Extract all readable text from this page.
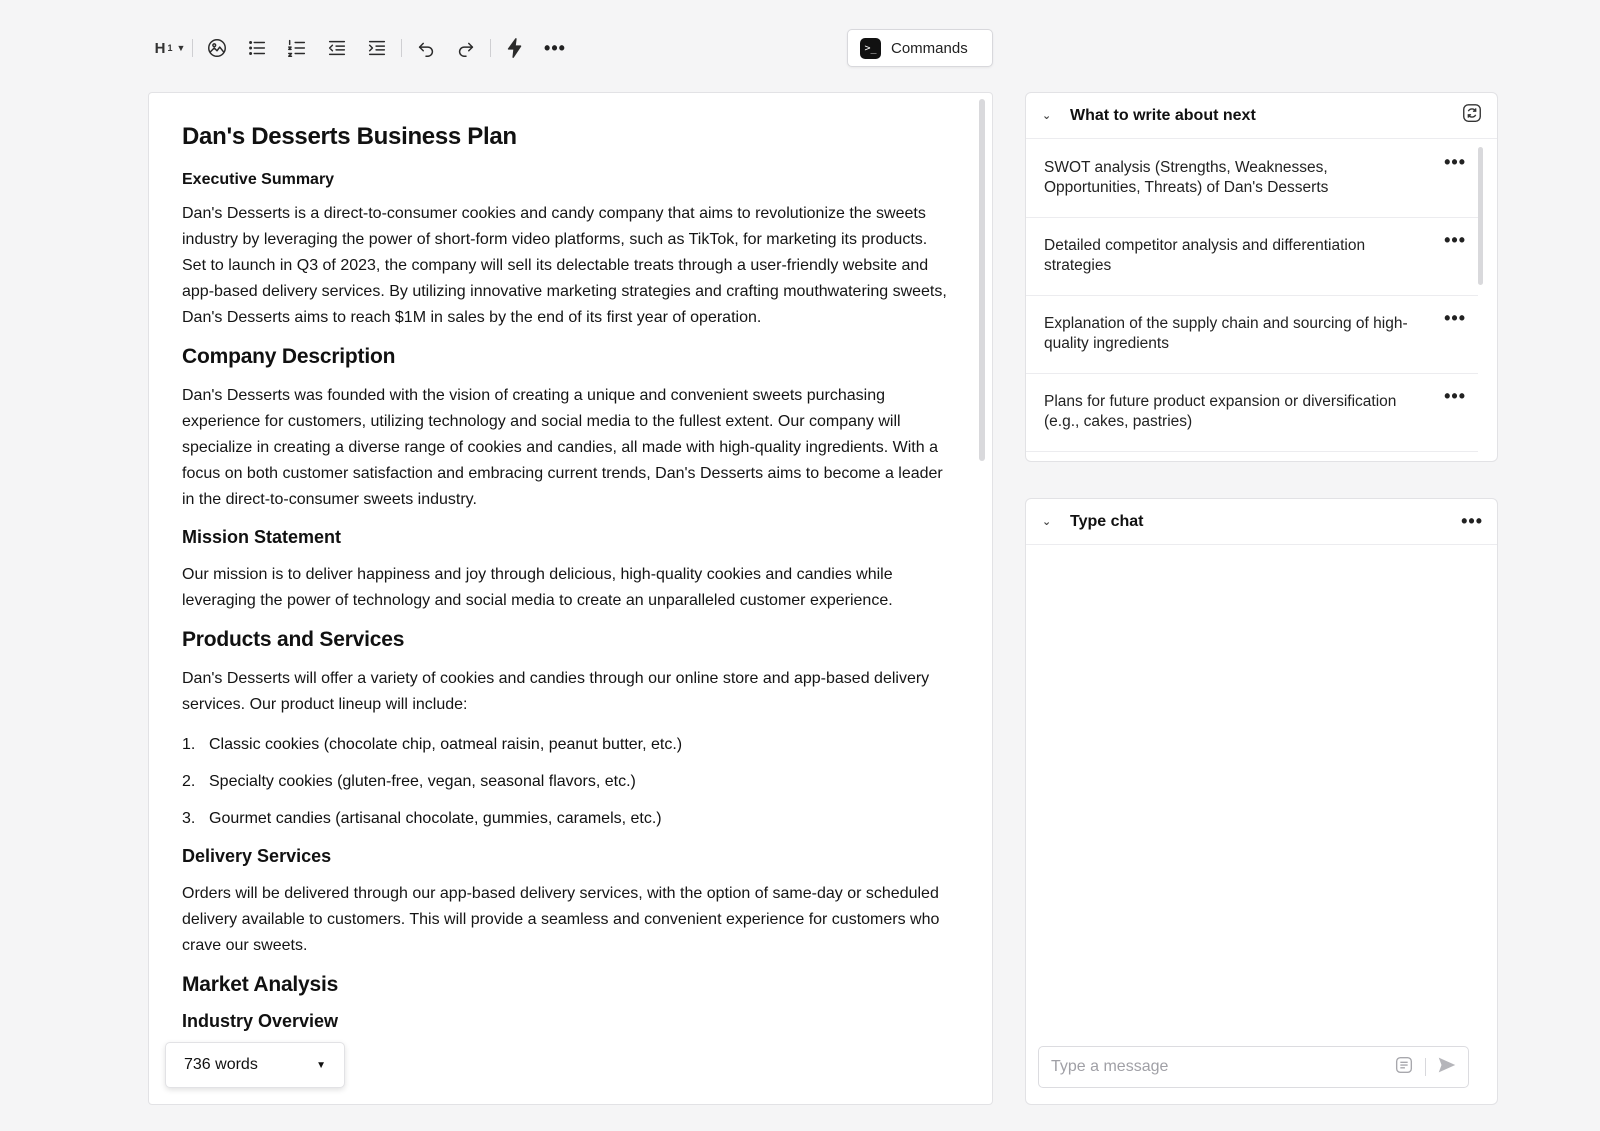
H 1 ▼	•••	>_ Commands
Dan's Desserts Business Plan
Executive Summary

Dan's Desserts is a direct-to-consumer cookies and candy company that aims to revolutionize the sweets industry by leveraging the power of short-form video platforms, such as TikTok, for marketing its products. Set to launch in Q3 of 2023, the company will sell its delectable treats through a user-friendly website and app-based delivery services. By utilizing innovative marketing strategies and crafting mouthwatering sweets, Dan's Desserts aims to reach $1M in sales by the end of its first year of operation.

Company Description

Dan's Desserts was founded with the vision of creating a unique and convenient sweets purchasing experience for customers, utilizing technology and social media to the fullest extent. Our company will specialize in creating a diverse range of cookies and candies, all made with high-quality ingredients. With a focus on both customer satisfaction and embracing current trends, Dan's Desserts aims to become a leader in the direct-to-consumer sweets industry.

Mission Statement

Our mission is to deliver happiness and joy through delicious, high-quality cookies and candies while leveraging the power of technology and social media to create an unparalleled customer experience.

Products and Services

Dan's Desserts will offer a variety of cookies and candies through our online store and app-based delivery services. Our product lineup will include:

1. Classic cookies (chocolate chip, oatmeal raisin, peanut butter, etc.)
2. Specialty cookies (gluten-free, vegan, seasonal flavors, etc.)
3. Gourmet candies (artisanal chocolate, gummies, caramels, etc.)
Delivery Services

Orders will be delivered through our app-based delivery services, with the option of same-day or scheduled delivery available to customers. This will provide a seamless and convenient experience for customers who crave our sweets.

Market Analysis
Industry Overview
736 words	▼
⌄ What to write about next
SWOT analysis (Strengths, Weaknesses, Opportunities, Threats) of Dan's Desserts
•••
Detailed competitor analysis and differentiation strategies
•••
Explanation of the supply chain and sourcing of high-quality ingredients
•••
Plans for future product expansion or diversification (e.g., cakes, pastries)
•••
⌄ Type chat	•••
Type a message
